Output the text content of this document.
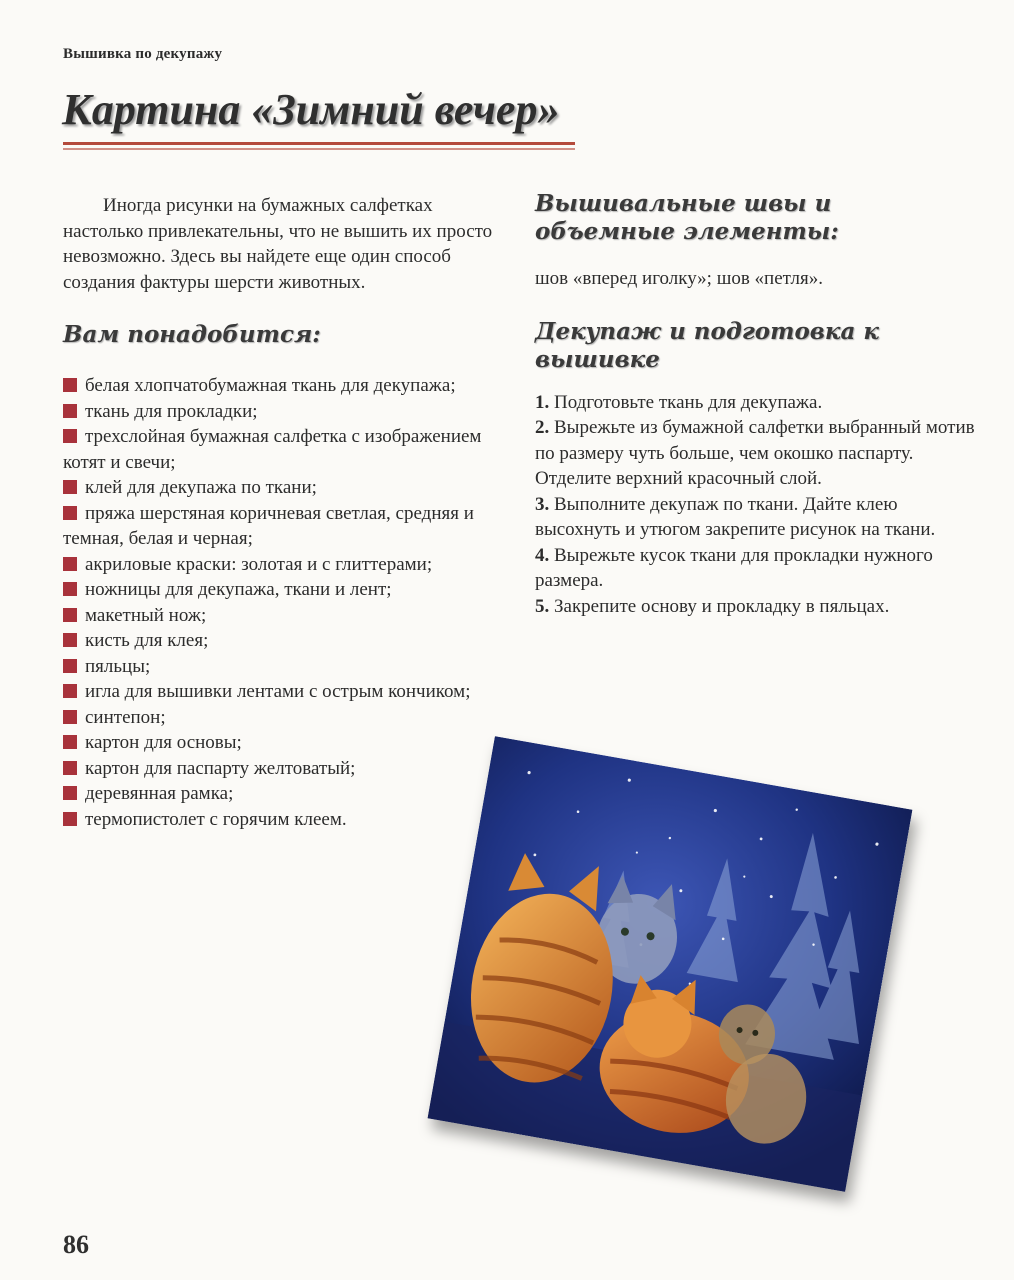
Вышивка по декупажу
Картина «Зимний вечер»

Иногда рисунки на бумажных салфетках настолько привлекательны, что не вышить их просто невозможно. Здесь вы найдете еще один способ создания фактуры шерсти животных.

Вам понадобится:
белая хлопчатобумажная ткань для декупажа;
ткань для прокладки;
трехслойная бумажная салфетка с изображением котят и свечи;
клей для декупажа по ткани;
пряжа шерстяная коричневая светлая, средняя и темная, белая и черная;
акриловые краски: золотая и с глиттерами;
ножницы для декупажа, ткани и лент;
макетный нож;
кисть для клея;
пяльцы;
игла для вышивки лентами с острым кончиком;
синтепон;
картон для основы;
картон для паспарту желтоватый;
деревянная рамка;
термопистолет с горячим клеем.
Вышивальные швы и объемные элементы:

шов «вперед иголку»; шов «петля».

Декупаж и подготовка к вышивке
1. Подготовьте ткань для декупажа.
2. Вырежьте из бумажной салфетки выбранный мотив по размеру чуть больше, чем окошко паспарту. Отделите верхний красочный слой.
3. Выполните декупаж по ткани. Дайте клею высохнуть и утюгом закрепите рисунок на ткани.
4. Вырежьте кусок ткани для прокладки нужного размера.
5. Закрепите основу и прокладку в пяльцах.
86
